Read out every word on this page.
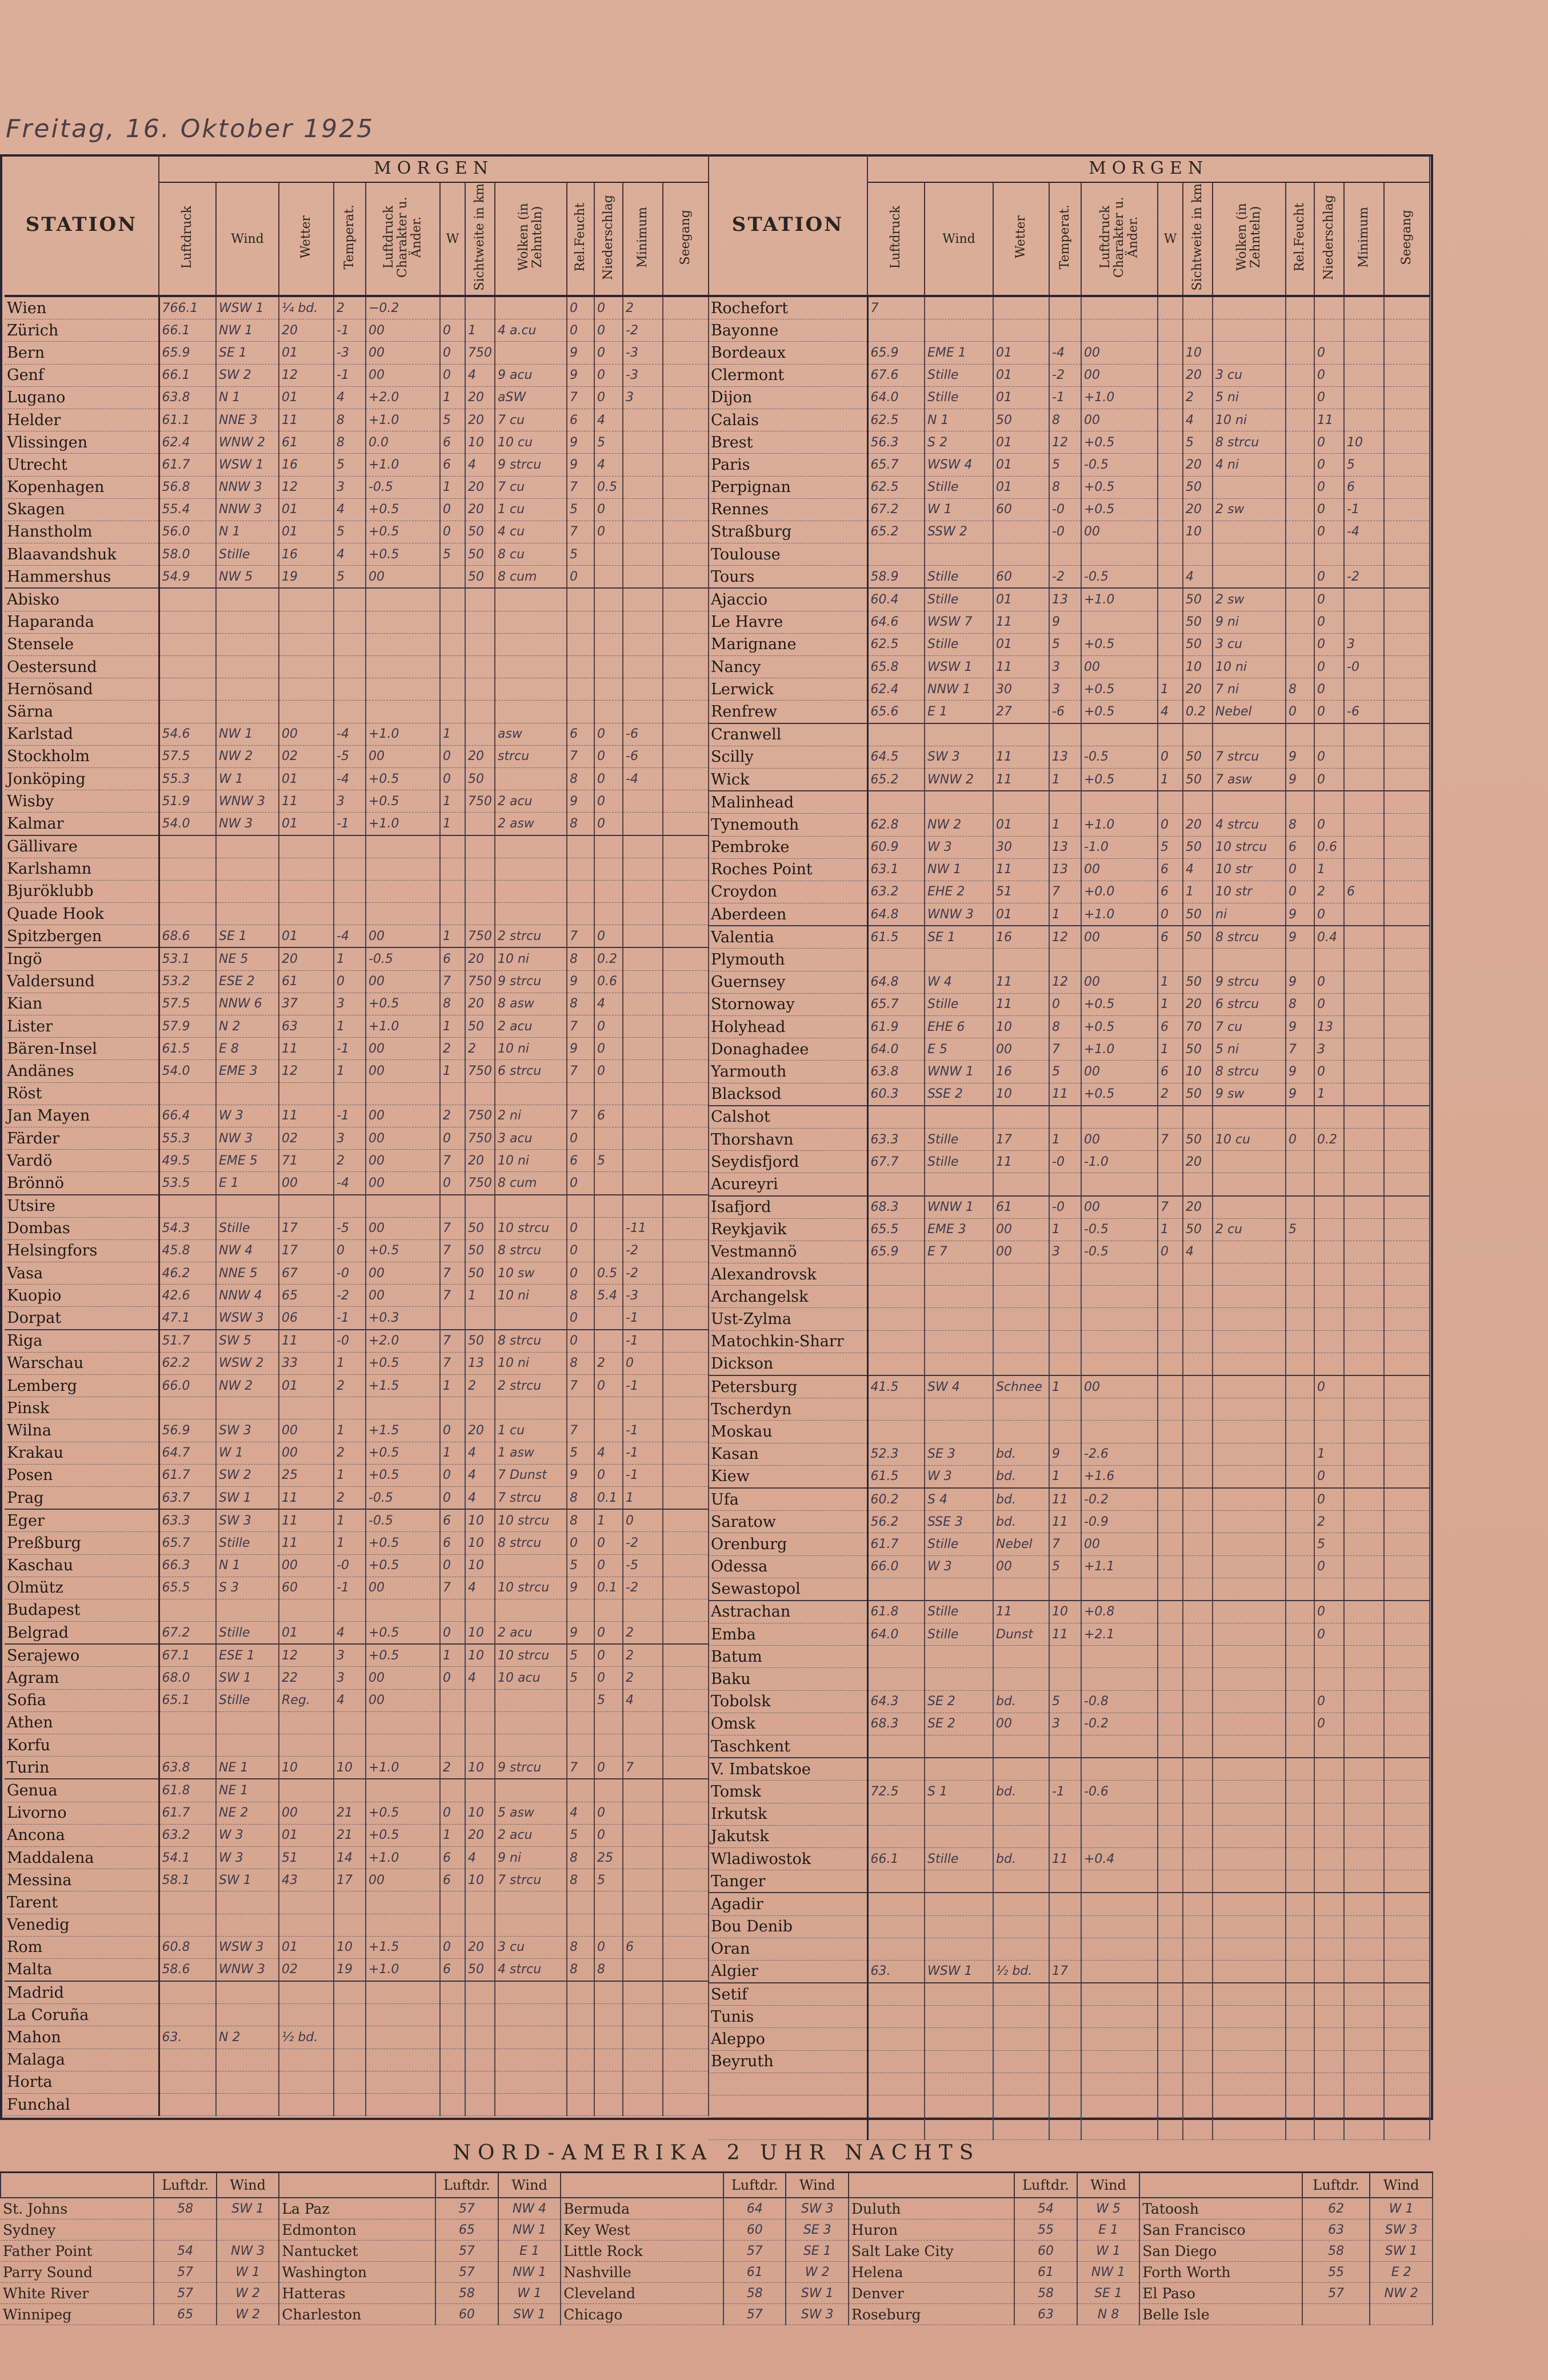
Freitag, 16. Oktober 1925
STATION	MORGEN											
	Luftdruck	Wind	Wetter	Temperat.	Luftdruck Charakter u. Änder.	W	Sichtweite in km	Wolken (in Zehnteln)	Rel.Feucht	Niederschlag	Minimum	Seegang
Wien	766.1	WSW 1	¼ bd.	2	−0.2				0	0	2	
Zürich	66.1	NW 1	20	-1	00	0	1	4 a.cu	0	0	-2	
Bern	65.9	SE 1	01	-3	00	0	750		9	0	-3	
Genf	66.1	SW 2	12	-1	00	0	4	9 acu	9	0	-3	
Lugano	63.8	N 1	01	4	+2.0	1	20	aSW	7	0	3	
Helder	61.1	NNE 3	11	8	+1.0	5	20	7 cu	6	4		
Vlissingen	62.4	WNW 2	61	8	0.0	6	10	10 cu	9	5		
Utrecht	61.7	WSW 1	16	5	+1.0	6	4	9 strcu	9	4		
Kopenhagen	56.8	NNW 3	12	3	-0.5	1	20	7 cu	7	0.5		
Skagen	55.4	NNW 3	01	4	+0.5	0	20	1 cu	5	0		
Hanstholm	56.0	N 1	01	5	+0.5	0	50	4 cu	7	0		
Blaavandshuk	58.0	Stille	16	4	+0.5	5	50	8 cu	5			
Hammershus	54.9	NW 5	19	5	00		50	8 cum	0			
Abisko												
Haparanda												
Stensele												
Oestersund												
Hernösand												
Särna												
Karlstad	54.6	NW 1	00	-4	+1.0	1		asw	6	0	-6	
Stockholm	57.5	NW 2	02	-5	00	0	20	strcu	7	0	-6	
Jonköping	55.3	W 1	01	-4	+0.5	0	50		8	0	-4	
Wisby	51.9	WNW 3	11	3	+0.5	1	750	2 acu	9	0		
Kalmar	54.0	NW 3	01	-1	+1.0	1		2 asw	8	0		
Gällivare												
Karlshamn												
Bjuröklubb												
Quade Hook												
Spitzbergen	68.6	SE 1	01	-4	00	1	750	2 strcu	7	0		
Ingö	53.1	NE 5	20	1	-0.5	6	20	10 ni	8	0.2		
Valdersund	53.2	ESE 2	61	0	00	7	750	9 strcu	9	0.6		
Kian	57.5	NNW 6	37	3	+0.5	8	20	8 asw	8	4		
Lister	57.9	N 2	63	1	+1.0	1	50	2 acu	7	0		
Bären-Insel	61.5	E 8	11	-1	00	2	2	10 ni	9	0		
Andänes	54.0	EME 3	12	1	00	1	750	6 strcu	7	0		
Röst												
Jan Mayen	66.4	W 3	11	-1	00	2	750	2 ni	7	6		
Färder	55.3	NW 3	02	3	00	0	750	3 acu	0			
Vardö	49.5	EME 5	71	2	00	7	20	10 ni	6	5		
Brönnö	53.5	E 1	00	-4	00	0	750	8 cum	0			
Utsire												
Dombas	54.3	Stille	17	-5	00	7	50	10 strcu	0		-11	
Helsingfors	45.8	NW 4	17	0	+0.5	7	50	8 strcu	0		-2	
Vasa	46.2	NNE 5	67	-0	00	7	50	10 sw	0	0.5	-2	
Kuopio	42.6	NNW 4	65	-2	00	7	1	10 ni	8	5.4	-3	
Dorpat	47.1	WSW 3	06	-1	+0.3				0		-1	
Riga	51.7	SW 5	11	-0	+2.0	7	50	8 strcu	0		-1	
Warschau	62.2	WSW 2	33	1	+0.5	7	13	10 ni	8	2	0	
Lemberg	66.0	NW 2	01	2	+1.5	1	2	2 strcu	7	0	-1	
Pinsk												
Wilna	56.9	SW 3	00	1	+1.5	0	20	1 cu	7		-1	
Krakau	64.7	W 1	00	2	+0.5	1	4	1 asw	5	4	-1	
Posen	61.7	SW 2	25	1	+0.5	0	4	7 Dunst	9	0	-1	
Prag	63.7	SW 1	11	2	-0.5	0	4	7 strcu	8	0.1	1	
Eger	63.3	SW 3	11	1	-0.5	6	10	10 strcu	8	1	0	
Preßburg	65.7	Stille	11	1	+0.5	6	10	8 strcu	0	0	-2	
Kaschau	66.3	N 1	00	-0	+0.5	0	10		5	0	-5	
Olmütz	65.5	S 3	60	-1	00	7	4	10 strcu	9	0.1	-2	
Budapest												
Belgrad	67.2	Stille	01	4	+0.5	0	10	2 acu	9	0	2	
Serajewo	67.1	ESE 1	12	3	+0.5	1	10	10 strcu	5	0	2	
Agram	68.0	SW 1	22	3	00	0	4	10 acu	5	0	2	
Sofia	65.1	Stille	Reg.	4	00					5	4	
Athen												
Korfu												
Turin	63.8	NE 1	10	10	+1.0	2	10	9 strcu	7	0	7	
Genua	61.8	NE 1										
Livorno	61.7	NE 2	00	21	+0.5	0	10	5 asw	4	0		
Ancona	63.2	W 3	01	21	+0.5	1	20	2 acu	5	0		
Maddalena	54.1	W 3	51	14	+1.0	6	4	9 ni	8	25		
Messina	58.1	SW 1	43	17	00	6	10	7 strcu	8	5		
Tarent												
Venedig												
Rom	60.8	WSW 3	01	10	+1.5	0	20	3 cu	8	0	6	
Malta	58.6	WNW 3	02	19	+1.0	6	50	4 strcu	8	8		
Madrid												
La Coruña												
Mahon	63.	N 2	½ bd.									
Malaga												
Horta												
Funchal												
STATION	MORGEN											
	Luftdruck	Wind	Wetter	Temperat.	Luftdruck Charakter u. Änder.	W	Sichtweite in km	Wolken (in Zehnteln)	Rel.Feucht	Niederschlag	Minimum	Seegang
Rochefort	7											
Bayonne												
Bordeaux	65.9	EME 1	01	-4	00		10			0		
Clermont	67.6	Stille	01	-2	00		20	3 cu		0		
Dijon	64.0	Stille	01	-1	+1.0		2	5 ni		0		
Calais	62.5	N 1	50	8	00		4	10 ni		11		
Brest	56.3	S 2	01	12	+0.5		5	8 strcu		0	10	
Paris	65.7	WSW 4	01	5	-0.5		20	4 ni		0	5	
Perpignan	62.5	Stille	01	8	+0.5		50			0	6	
Rennes	67.2	W 1	60	-0	+0.5		20	2 sw		0	-1	
Straßburg	65.2	SSW 2		-0	00		10			0	-4	
Toulouse												
Tours	58.9	Stille	60	-2	-0.5		4			0	-2	
Ajaccio	60.4	Stille	01	13	+1.0		50	2 sw		0		
Le Havre	64.6	WSW 7	11	9			50	9 ni		0		
Marignane	62.5	Stille	01	5	+0.5		50	3 cu		0	3	
Nancy	65.8	WSW 1	11	3	00		10	10 ni		0	-0	
Lerwick	62.4	NNW 1	30	3	+0.5	1	20	7 ni	8	0		
Renfrew	65.6	E 1	27	-6	+0.5	4	0.2	Nebel	0	0	-6	
Cranwell												
Scilly	64.5	SW 3	11	13	-0.5	0	50	7 strcu	9	0		
Wick	65.2	WNW 2	11	1	+0.5	1	50	7 asw	9	0		
Malinhead												
Tynemouth	62.8	NW 2	01	1	+1.0	0	20	4 strcu	8	0		
Pembroke	60.9	W 3	30	13	-1.0	5	50	10 strcu	6	0.6		
Roches Point	63.1	NW 1	11	13	00	6	4	10 str	0	1		
Croydon	63.2	EHE 2	51	7	+0.0	6	1	10 str	0	2	6	
Aberdeen	64.8	WNW 3	01	1	+1.0	0	50	ni	9	0		
Valentia	61.5	SE 1	16	12	00	6	50	8 strcu	9	0.4		
Plymouth												
Guernsey	64.8	W 4	11	12	00	1	50	9 strcu	9	0		
Stornoway	65.7	Stille	11	0	+0.5	1	20	6 strcu	8	0		
Holyhead	61.9	EHE 6	10	8	+0.5	6	70	7 cu	9	13		
Donaghadee	64.0	E 5	00	7	+1.0	1	50	5 ni	7	3		
Yarmouth	63.8	WNW 1	16	5	00	6	10	8 strcu	9	0		
Blacksod	60.3	SSE 2	10	11	+0.5	2	50	9 sw	9	1		
Calshot												
Thorshavn	63.3	Stille	17	1	00	7	50	10 cu	0	0.2		
Seydisfjord	67.7	Stille	11	-0	-1.0		20					
Acureyri												
Isafjord	68.3	WNW 1	61	-0	00	7	20					
Reykjavik	65.5	EME 3	00	1	-0.5	1	50	2 cu	5			
Vestmannö	65.9	E 7	00	3	-0.5	0	4					
Alexandrovsk												
Archangelsk												
Ust-Zylma												
Matochkin-Sharr												
Dickson												
Petersburg	41.5	SW 4	Schnee	1	00					0		
Tscherdyn												
Moskau												
Kasan	52.3	SE 3	bd.	9	-2.6					1		
Kiew	61.5	W 3	bd.	1	+1.6					0		
Ufa	60.2	S 4	bd.	11	-0.2					0		
Saratow	56.2	SSE 3	bd.	11	-0.9					2		
Orenburg	61.7	Stille	Nebel	7	00					5		
Odessa	66.0	W 3	00	5	+1.1					0		
Sewastopol												
Astrachan	61.8	Stille	11	10	+0.8					0		
Emba	64.0	Stille	Dunst	11	+2.1					0		
Batum												
Baku												
Tobolsk	64.3	SE 2	bd.	5	-0.8					0		
Omsk	68.3	SE 2	00	3	-0.2					0		
Taschkent												
V. Imbatskoe												
Tomsk	72.5	S 1	bd.	-1	-0.6							
Irkutsk												
Jakutsk												
Wladiwostok	66.1	Stille	bd.	11	+0.4							
Tanger												
Agadir												
Bou Denib												
Oran												
Algier	63.	WSW 1	½ bd.	17								
Setif												
Tunis												
Aleppo												
Beyruth												

NORD-AMERIKA 2 UHR NACHTS
	Luftdr.	Wind		Luftdr.	Wind		Luftdr.	Wind		Luftdr.	Wind		Luftdr.	Wind
St. Johns	58	SW 1	La Paz	57	NW 4	Bermuda	64	SW 3	Duluth	54	W 5	Tatoosh	62	W 1
Sydney			Edmonton	65	NW 1	Key West	60	SE 3	Huron	55	E 1	San Francisco	63	SW 3
Father Point	54	NW 3	Nantucket	57	E 1	Little Rock	57	SE 1	Salt Lake City	60	W 1	San Diego	58	SW 1
Parry Sound	57	W 1	Washington	57	NW 1	Nashville	61	W 2	Helena	61	NW 1	Forth Worth	55	E 2
White River	57	W 2	Hatteras	58	W 1	Cleveland	58	SW 1	Denver	58	SE 1	El Paso	57	NW 2
Winnipeg	65	W 2	Charleston	60	SW 1	Chicago	57	SW 3	Roseburg	63	N 8	Belle Isle		
